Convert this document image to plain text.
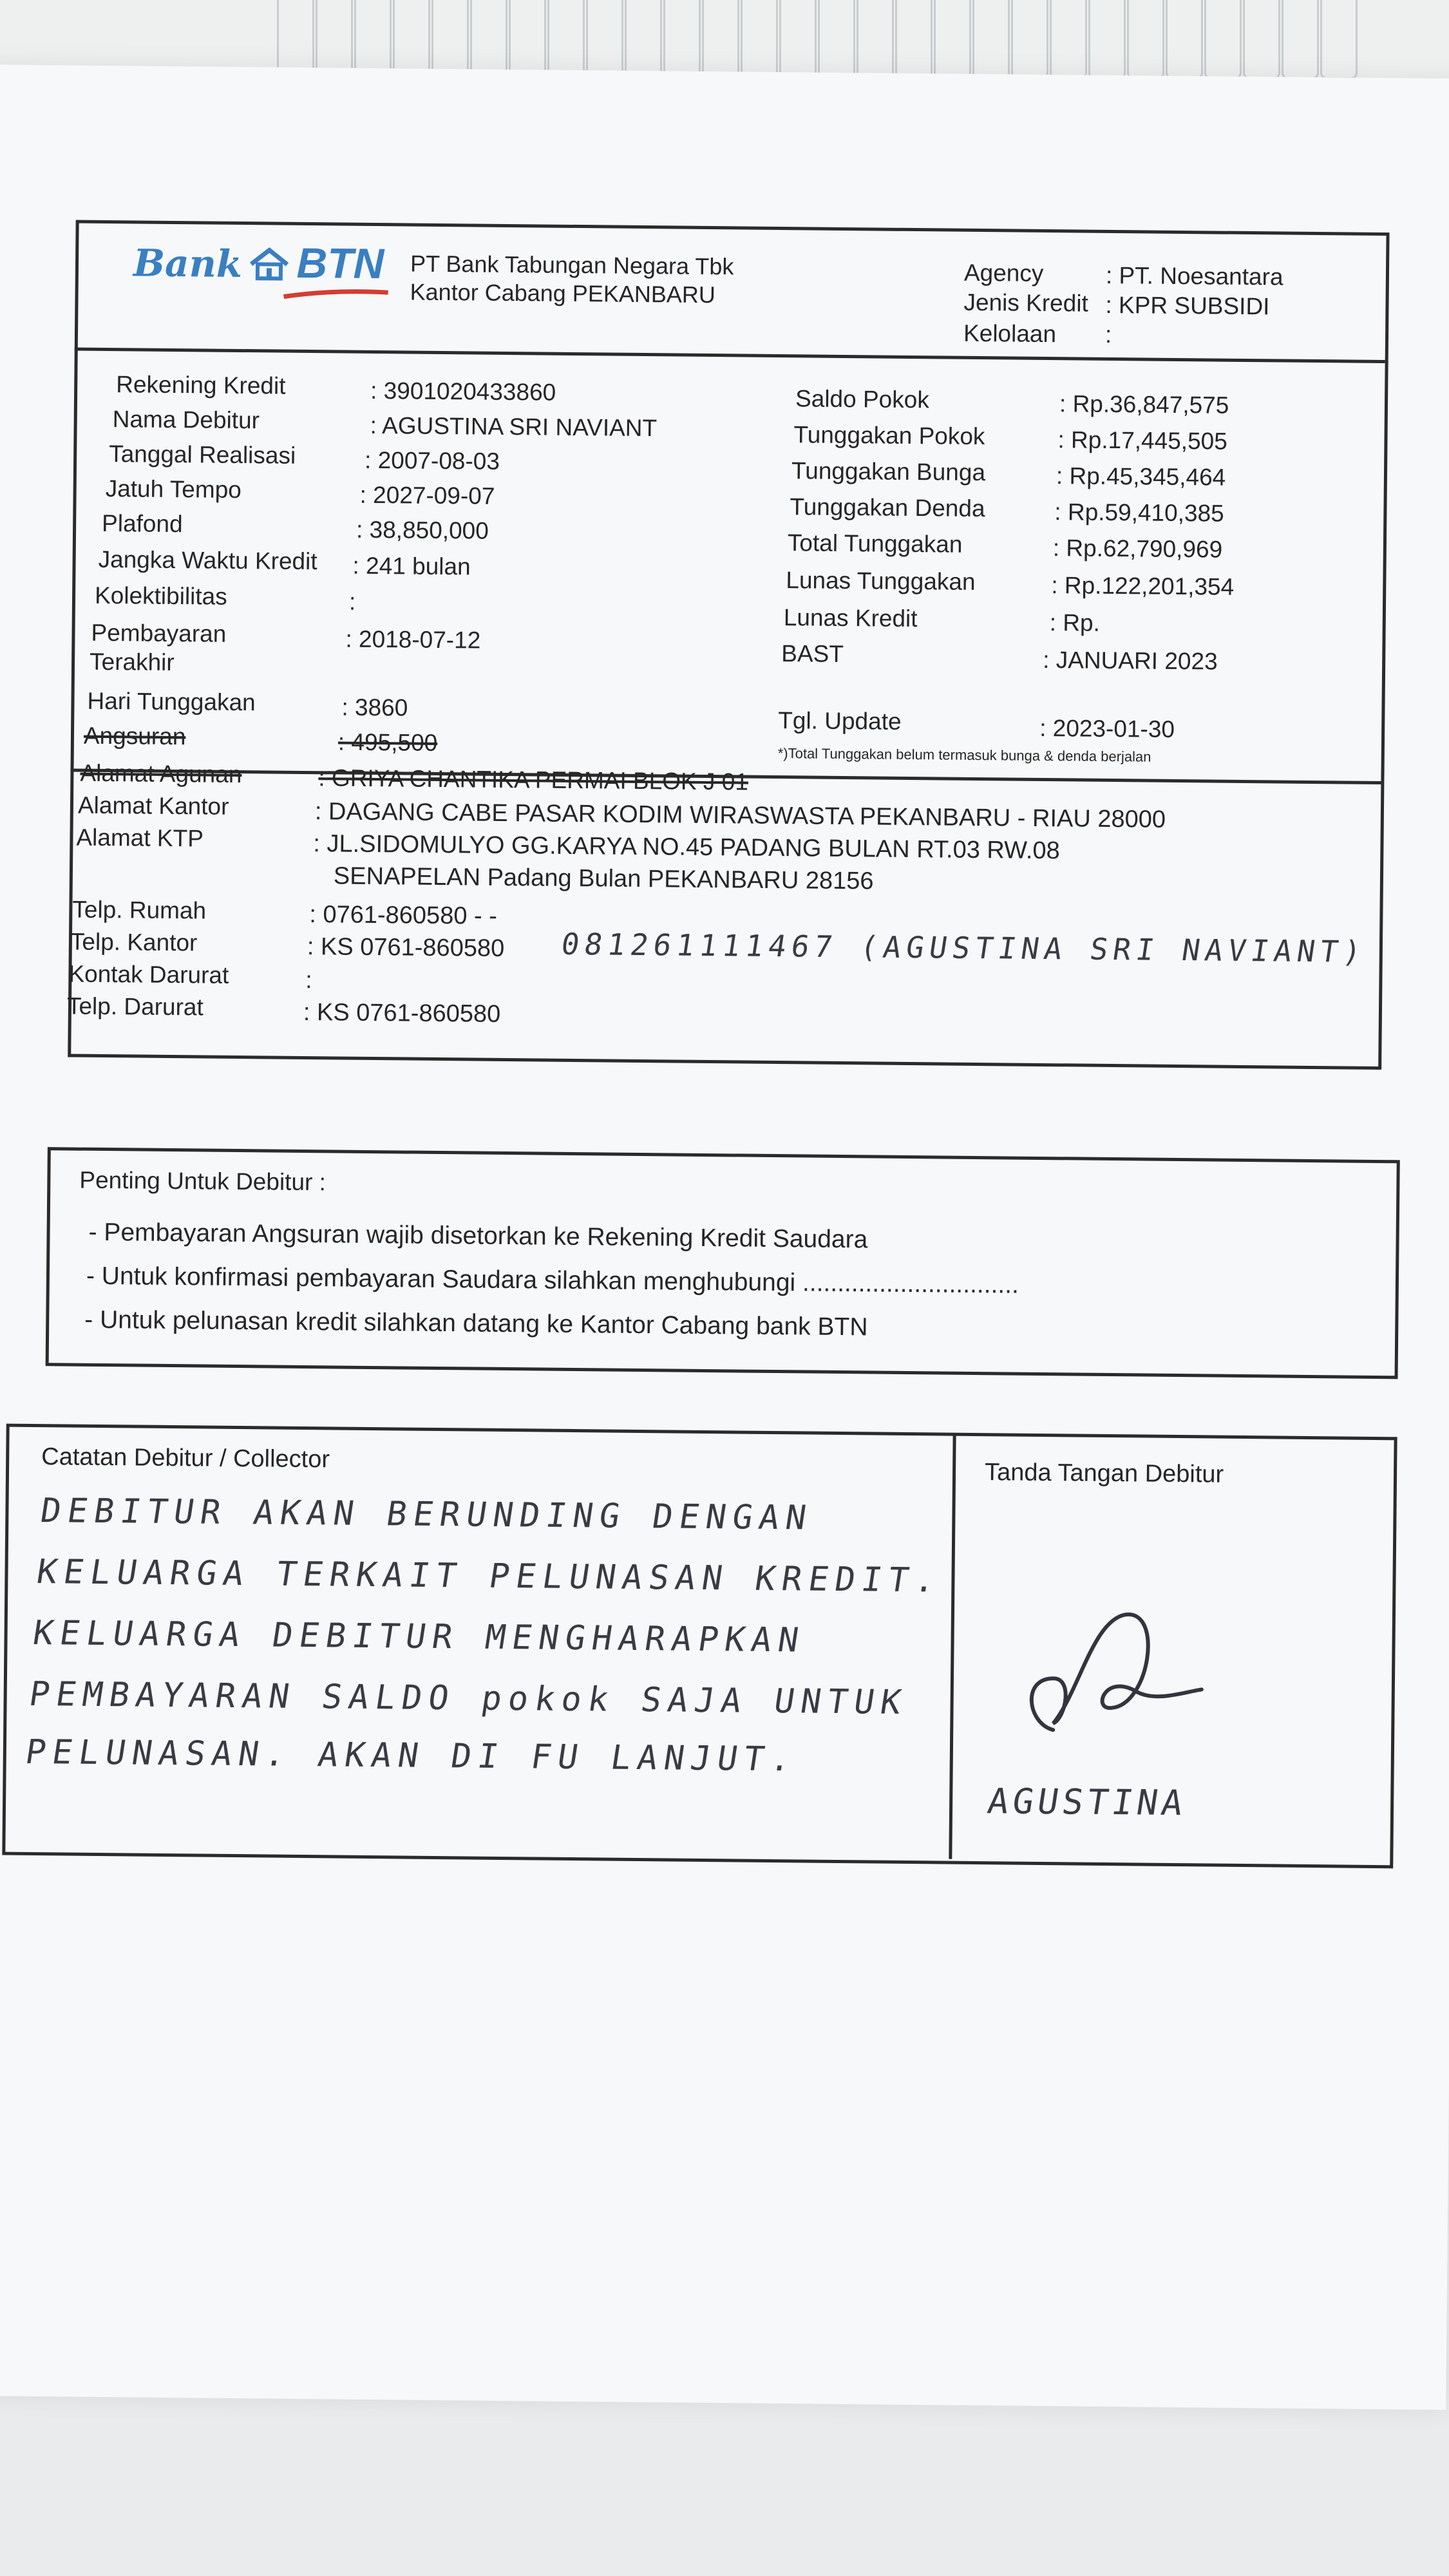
Bank BTN PT Bank Tabungan Negara Tbk
Kantor Cabang PEKANBARU
Agency	: PT. Noesantara
Jenis Kredit : KPR SUBSIDI
Kelolaan :
Rekening Kredit	: 3901020433860
Nama Debitur	: AGUSTINA SRI NAVIANT
Tanggal Realisasi	: 2007-08-03
Jatuh Tempo	: 2027-09-07
Plafond	: 38,850,000
Jangka Waktu Kredit : 241 bulan
Kolektibilitas	:
Pembayaran	: 2018-07-12
Terakhir
Hari Tunggakan	: 3860
Angsuran	: 495,500
Saldo Pokok	: Rp.36,847,575
Tunggakan Pokok	: Rp.17,445,505
Tunggakan Bunga	: Rp.45,345,464
Tunggakan Denda	: Rp.59,410,385
Total Tunggakan	: Rp.62,790,969
Lunas Tunggakan	: Rp.122,201,354
Lunas Kredit	: Rp.
BAST	: JANUARI 2023
Tgl. Update	: 2023-01-30
*)Total Tunggakan belum termasuk bunga & denda berjalan
Alamat Agunan	: GRIYA CHANTIKA PERMAI BLOK J 01
Alamat Kantor	: DAGANG CABE PASAR KODIM WIRASWASTA PEKANBARU - RIAU 28000
Alamat KTP	: JL.SIDOMULYO GG.KARYA NO.45 PADANG BULAN RT.03 RW.08
SENAPELAN Padang Bulan PEKANBARU 28156
Telp. Rumah	: 0761-860580 - -
Telp. Kantor	: KS 0761-860580 081261111467 (AGUSTINA SRI NAVIANT)
Kontak Darurat	:
Telp. Darurat	: KS 0761-860580
Penting Untuk Debitur :
- Pembayaran Angsuran wajib disetorkan ke Rekening Kredit Saudara
- Untuk konfirmasi pembayaran Saudara silahkan menghubungi ...............................
- Untuk pelunasan kredit silahkan datang ke Kantor Cabang bank BTN
Catatan Debitur / Collector
DEBITUR AKAN BERUNDING DENGAN
KELUARGA TERKAIT PELUNASAN KREDIT.
KELUARGA DEBITUR MENGHARAPKAN
PEMBAYARAN SALDO pokok SAJA UNTUK
PELUNASAN. AKAN DI FU LANJUT.
Tanda Tangan Debitur
AGUSTINA
